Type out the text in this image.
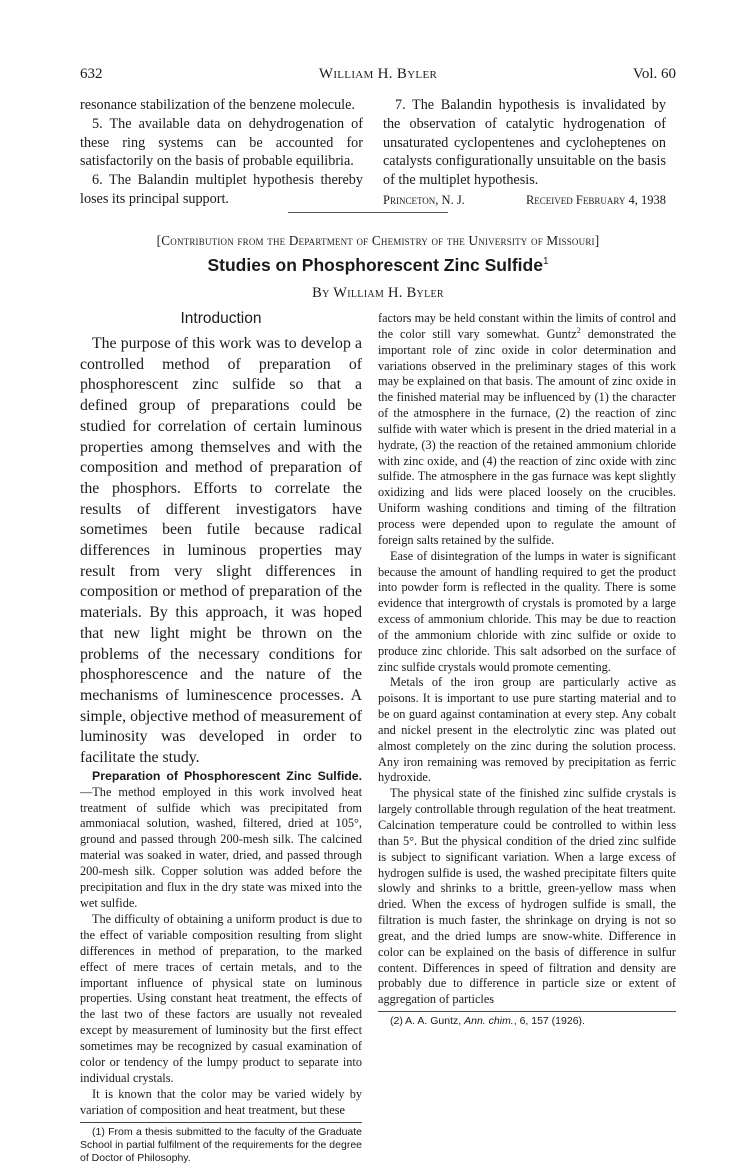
632	William H. Byler	Vol. 60

resonance stabilization of the benzene molecule.

5. The available data on dehydrogenation of these ring systems can be accounted for satisfactorily on the basis of probable equilibria.

6. The Balandin multiplet hypothesis thereby loses its principal support.

7. The Balandin hypothesis is invalidated by the observation of catalytic hydrogenation of unsaturated cyclopentenes and cycloheptenes on catalysts configurationally unsuitable on the basis of the multiplet hypothesis.

Princeton, N. J.	Received February 4, 1938
[Contribution from the Department of Chemistry of the University of Missouri]
Studies on Phosphorescent Zinc Sulfide$^1$
By William H. Byler
Introduction

The purpose of this work was to develop a controlled method of preparation of phosphorescent zinc sulfide so that a defined group of preparations could be studied for correlation of certain luminous properties among themselves and with the composition and method of preparation of the phosphors. Efforts to correlate the results of different investigators have sometimes been futile because radical differences in luminous properties may result from very slight differences in composition or method of preparation of the materials. By this approach, it was hoped that new light might be thrown on the problems of the necessary conditions for phosphorescence and the nature of the mechanisms of luminescence processes. A simple, objective method of measurement of luminosity was developed in order to facilitate the study.

Preparation of Phosphorescent Zinc Sulfide.—The method employed in this work involved heat treatment of sulfide which was precipitated from ammoniacal solution, washed, filtered, dried at 105°, ground and passed through 200-mesh silk. The calcined material was soaked in water, dried, and passed through 200-mesh silk. Copper solution was added before the precipitation and flux in the dry state was mixed into the wet sulfide.

The difficulty of obtaining a uniform product is due to the effect of variable composition resulting from slight differences in method of preparation, to the marked effect of mere traces of certain metals, and to the important influence of physical state on luminous properties. Using constant heat treatment, the effects of the last two of these factors are usually not revealed except by measurement of luminosity but the first effect sometimes may be recognized by casual examination of color or tendency of the lumpy product to separate into individual crystals.

It is known that the color may be varied widely by variation of composition and heat treatment, but these

(1) From a thesis submitted to the faculty of the Graduate School in partial fulfilment of the requirements for the degree of Doctor of Philosophy.

factors may be held constant within the limits of control and the color still vary somewhat. Guntz$^2$ demonstrated the important role of zinc oxide in color determination and variations observed in the preliminary stages of this work may be explained on that basis. The amount of zinc oxide in the finished material may be influenced by (1) the character of the atmosphere in the furnace, (2) the reaction of zinc sulfide with water which is present in the dried material in a hydrate, (3) the reaction of the retained ammonium chloride with zinc oxide, and (4) the reaction of zinc oxide with zinc sulfide. The atmosphere in the gas furnace was kept slightly oxidizing and lids were placed loosely on the crucibles. Uniform washing conditions and timing of the filtration process were depended upon to regulate the amount of foreign salts retained by the sulfide.

Ease of disintegration of the lumps in water is significant because the amount of handling required to get the product into powder form is reflected in the quality. There is some evidence that intergrowth of crystals is promoted by a large excess of ammonium chloride. This may be due to reaction of the ammonium chloride with zinc sulfide or oxide to produce zinc chloride. This salt adsorbed on the surface of zinc sulfide crystals would promote cementing.

Metals of the iron group are particularly active as poisons. It is important to use pure starting material and to be on guard against contamination at every step. Any cobalt and nickel present in the electrolytic zinc was plated out almost completely on the zinc during the solution process. Any iron remaining was removed by precipitation as ferric hydroxide.

The physical state of the finished zinc sulfide crystals is largely controllable through regulation of the heat treatment. Calcination temperature could be controlled to within less than 5°. But the physical condition of the dried zinc sulfide is subject to significant variation. When a large excess of hydrogen sulfide is used, the washed precipitate filters quite slowly and shrinks to a brittle, green-yellow mass when dried. When the excess of hydrogen sulfide is small, the filtration is much faster, the shrinkage on drying is not so great, and the dried lumps are snow-white. Difference in color can be explained on the basis of difference in sulfur content. Differences in speed of filtration and density are probably due to difference in particle size or extent of aggregation of particles

(2) A. A. Guntz, Ann. chim., 6, 157 (1926).
